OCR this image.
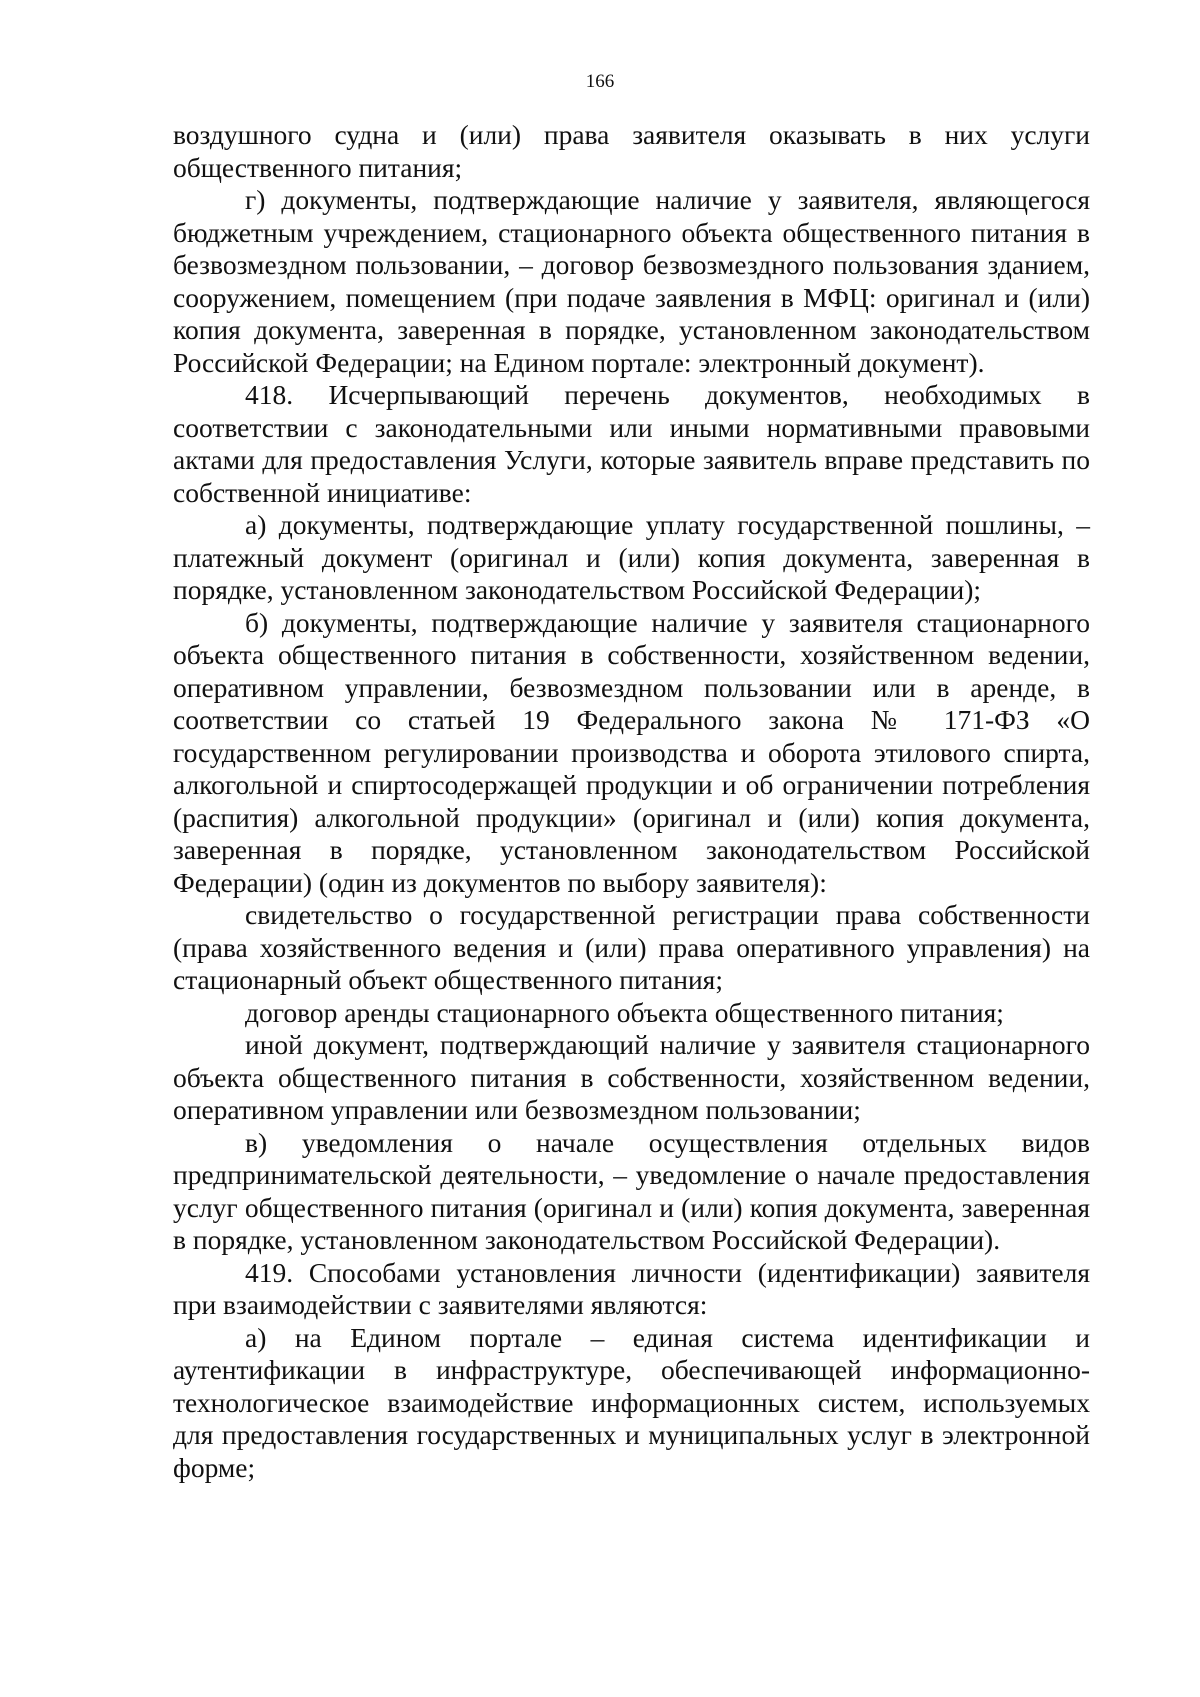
166

воздушного судна и (или) права заявителя оказывать в них услуги общественного питания;

г) документы, подтверждающие наличие у заявителя, являющегося бюджетным учреждением, стационарного объекта общественного питания в безвозмездном пользовании, – договор безвозмездного пользования зданием, сооружением, помещением (при подаче заявления в МФЦ: оригинал и (или) копия документа, заверенная в порядке, установленном законодательством Российской Федерации; на Едином портале: электронный документ).

418. Исчерпывающий перечень документов, необходимых в соответствии с законодательными или иными нормативными правовыми актами для предоставления Услуги, которые заявитель вправе представить по собственной инициативе:

а) документы, подтверждающие уплату государственной пошлины, – платежный документ (оригинал и (или) копия документа, заверенная в порядке, установленном законодательством Российской Федерации);

б) документы, подтверждающие наличие у заявителя стационарного объекта общественного питания в собственности, хозяйственном ведении, оперативном управлении, безвозмездном пользовании или в аренде, в соответствии со статьей 19 Федерального закона № 171-ФЗ «О государственном регулировании производства и оборота этилового спирта, алкогольной и спиртосодержащей продукции и об ограничении потребления (распития) алкогольной продукции» (оригинал и (или) копия документа, заверенная в порядке, установленном законодательством Российской Федерации) (один из документов по выбору заявителя):

свидетельство о государственной регистрации права собственности (права хозяйственного ведения и (или) права оперативного управления) на стационарный объект общественного питания;

договор аренды стационарного объекта общественного питания;

иной документ, подтверждающий наличие у заявителя стационарного объекта общественного питания в собственности, хозяйственном ведении, оперативном управлении или безвозмездном пользовании;

в) уведомления о начале осуществления отдельных видов предпринимательской деятельности, – уведомление о начале предоставления услуг общественного питания (оригинал и (или) копия документа, заверенная в порядке, установленном законодательством Российской Федерации).

419. Способами установления личности (идентификации) заявителя при взаимодействии с заявителями являются:

а) на Едином портале – единая система идентификации и аутентификации в инфраструктуре, обеспечивающей информационно-технологическое взаимодействие информационных систем, используемых для предоставления государственных и муниципальных услуг в электронной форме;
